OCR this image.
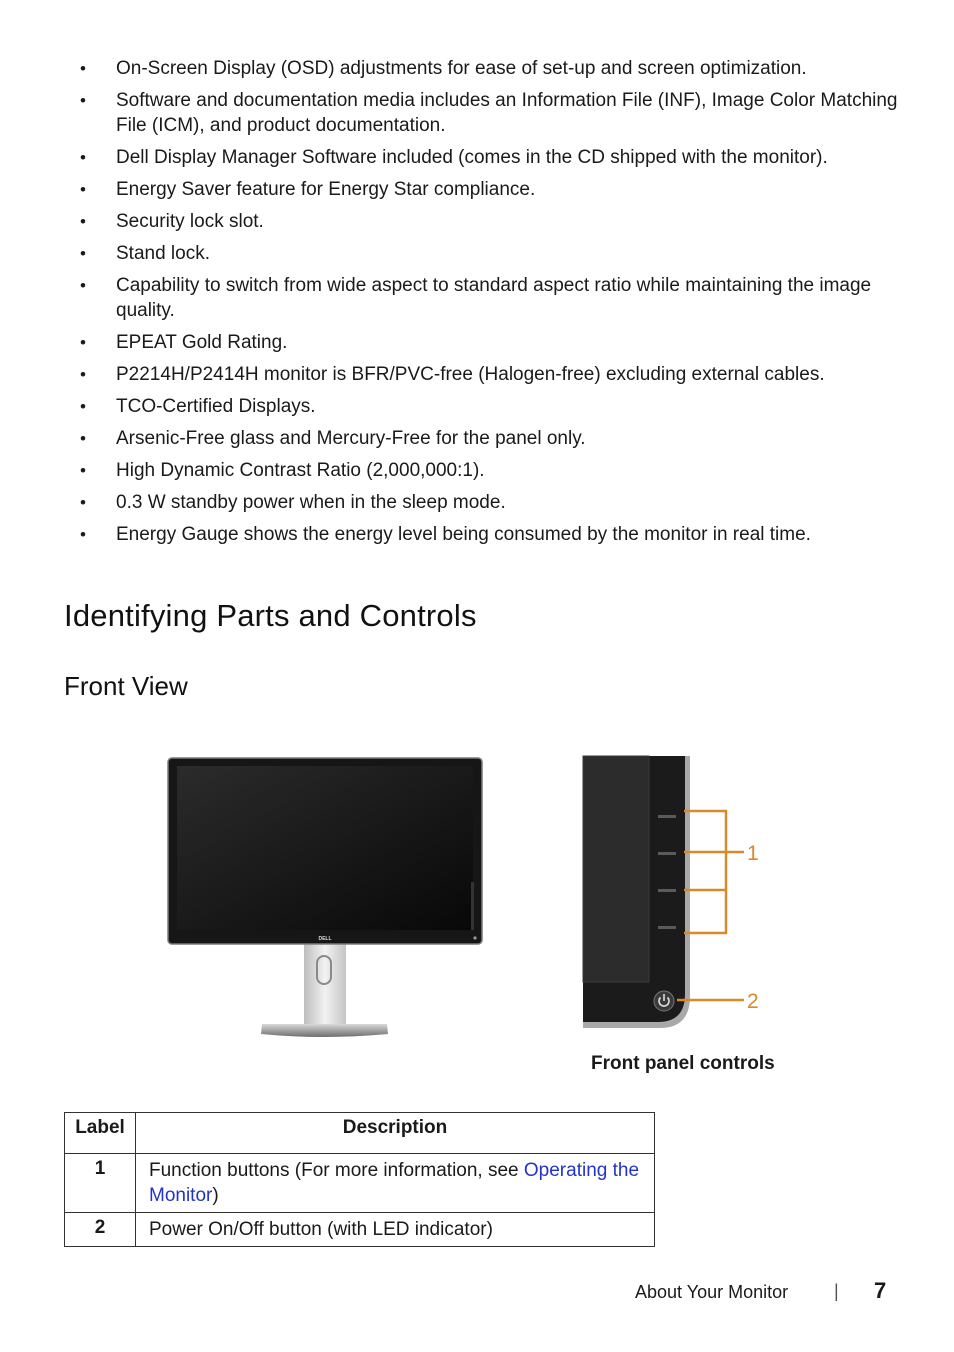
• On-Screen Display (OSD) adjustments for ease of set-up and screen optimization.
• Software and documentation media includes an Information File (INF), Image Color Matching File (ICM), and product documentation.
• Dell Display Manager Software included (comes in the CD shipped with the monitor).
• Energy Saver feature for Energy Star compliance.
• Security lock slot.
• Stand lock.
• Capability to switch from wide aspect to standard aspect ratio while maintaining the image quality.
• EPEAT Gold Rating.
• P2214H/P2414H monitor is BFR/PVC-free (Halogen-free) excluding external cables.
• TCO-Certified Displays.
• Arsenic-Free glass and Mercury-Free for the panel only.
• High Dynamic Contrast Ratio (2,000,000:1).
• 0.3 W standby power when in the sleep mode.
• Energy Gauge shows the energy level being consumed by the monitor in real time.
Identifying Parts and Controls
Front View
DELL
1
2
Front panel controls
Label	Description
1	Function buttons (For more information, see Operating the Monitor)
2	Power On/Off button (with LED indicator)
About Your Monitor	| 7
